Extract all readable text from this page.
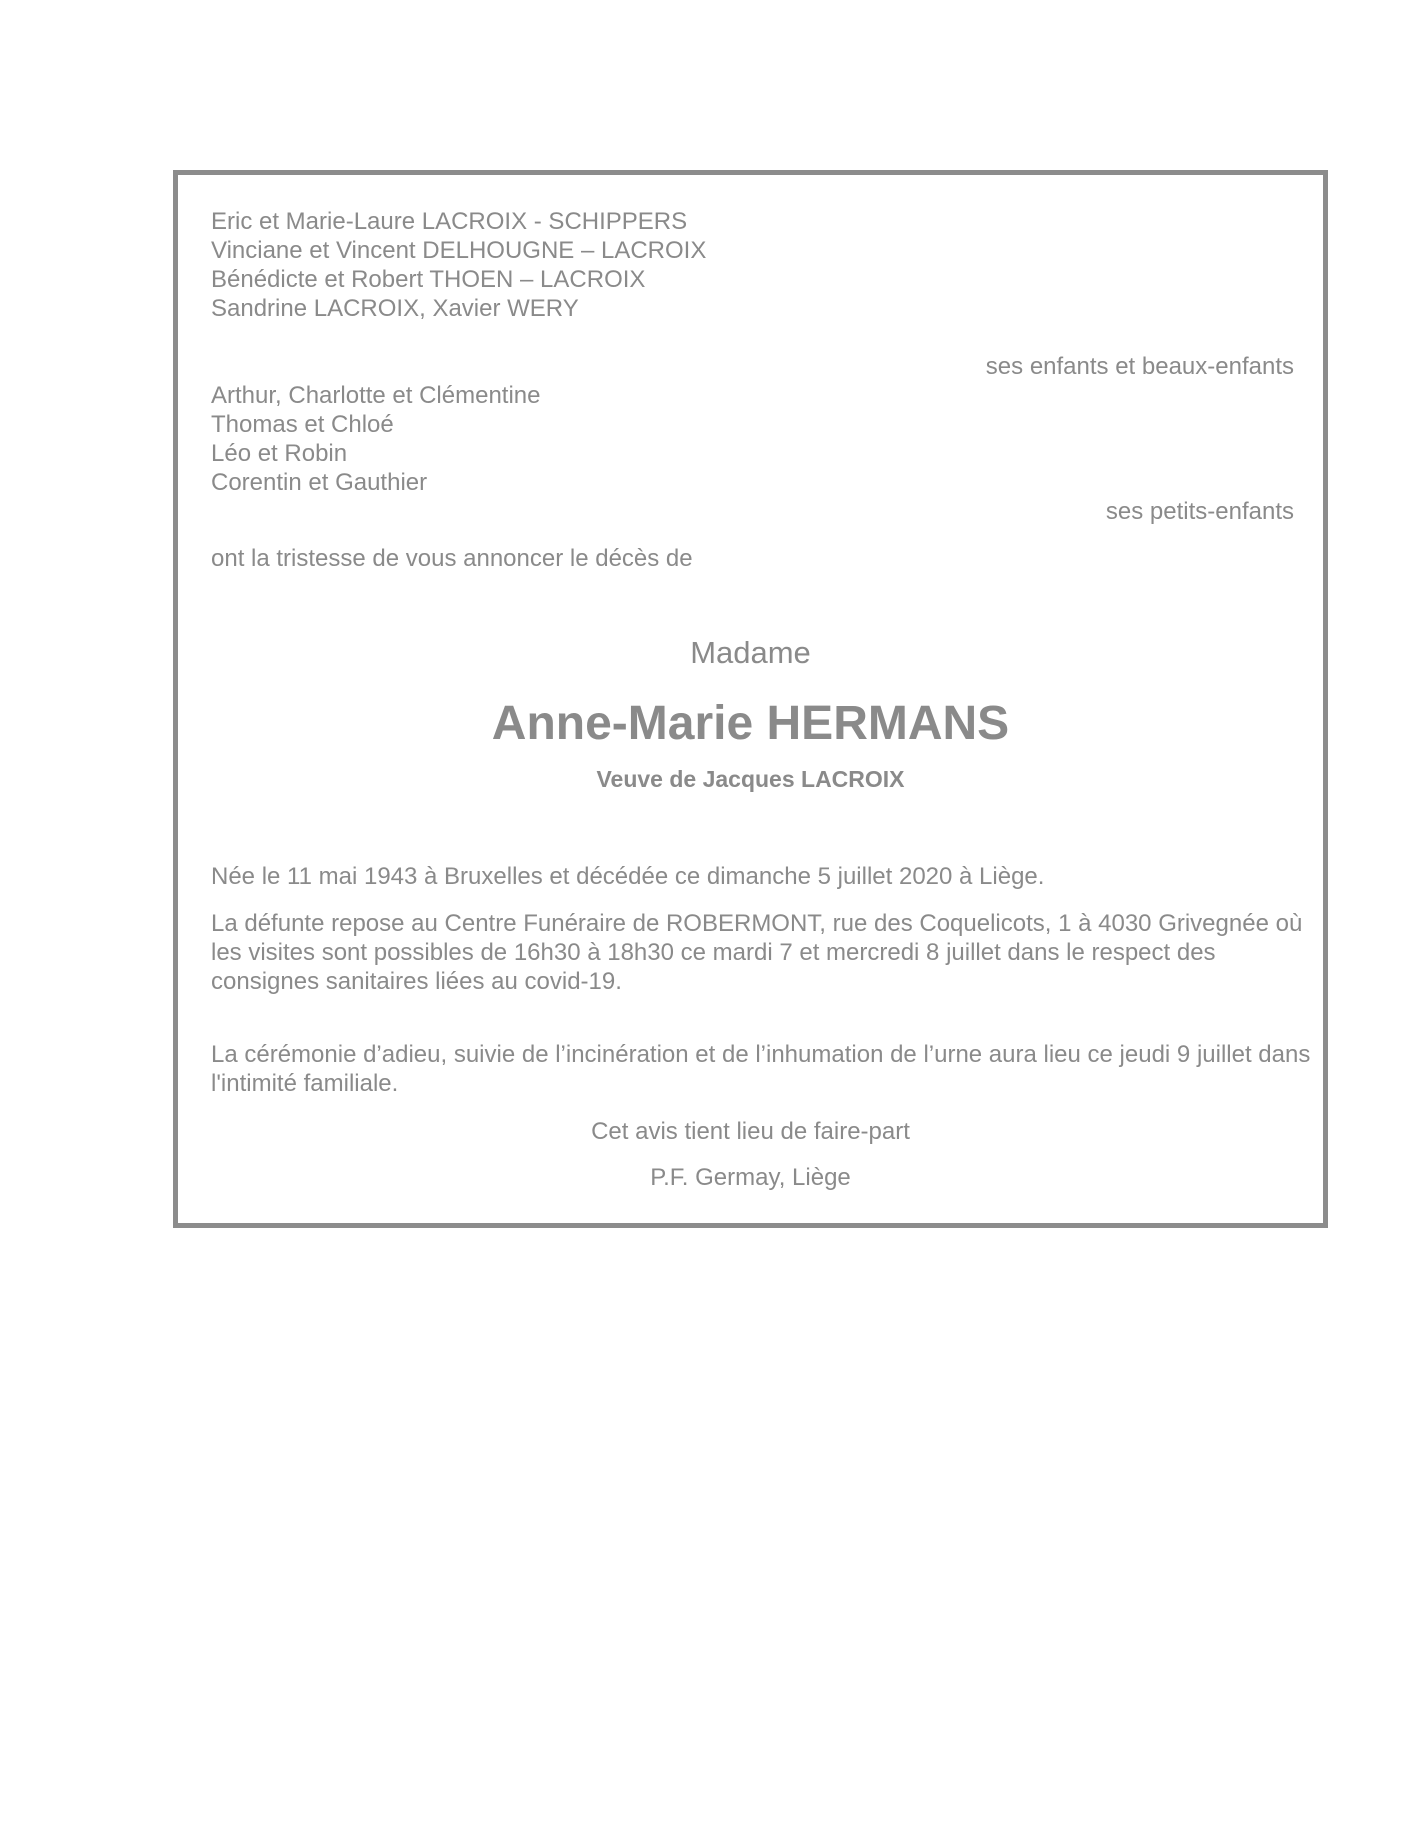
Eric et Marie-Laure LACROIX - SCHIPPERS
Vinciane et Vincent DELHOUGNE – LACROIX
Bénédicte et Robert THOEN – LACROIX
Sandrine LACROIX, Xavier WERY
ses enfants et beaux-enfants
Arthur, Charlotte et Clémentine
Thomas et Chloé
Léo et Robin
Corentin et Gauthier
ses petits-enfants
ont la tristesse de vous annoncer le décès de
Madame
Anne-Marie HERMANS
Veuve de Jacques LACROIX
Née le 11 mai 1943 à Bruxelles et décédée ce dimanche 5 juillet 2020 à Liège.
La défunte repose au Centre Funéraire de ROBERMONT, rue des Coquelicots, 1 à 4030 Grivegnée où les visites sont possibles de 16h30 à 18h30 ce mardi 7 et mercredi 8 juillet dans le respect des consignes sanitaires liées au covid-19.
La cérémonie d’adieu, suivie de l’incinération et de l’inhumation de l’urne aura lieu ce jeudi 9 juillet dans l'intimité familiale.
Cet avis tient lieu de faire-part
P.F. Germay, Liège
